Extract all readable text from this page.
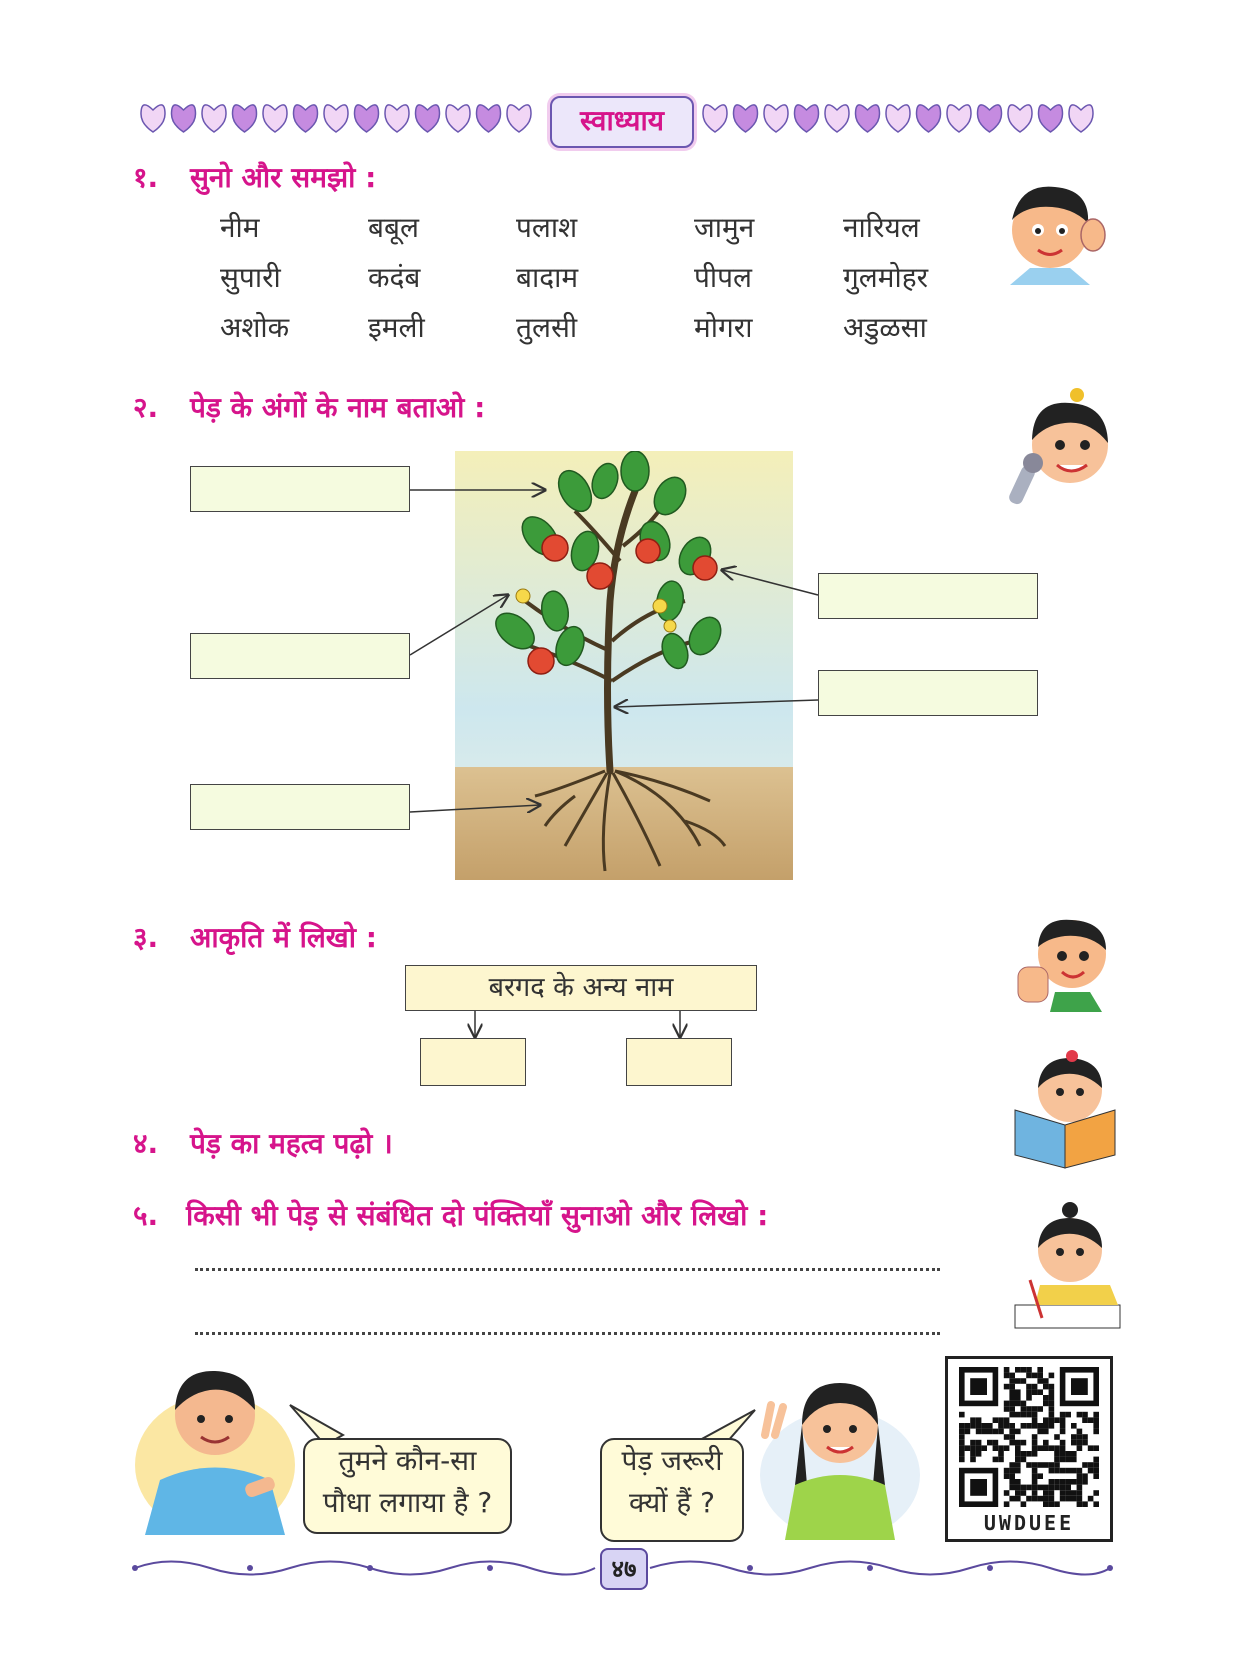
स्वाध्याय
१. सुनो और समझो :
नीम	बबूल	पलाश	जामुन	नारियल
सुपारी	कदंब	बादाम	पीपल	गुलमोहर
अशोक	इमली	तुलसी	मोगरा	अडुळसा
२. पेड़ के अंगों के नाम बताओ :
३. आकृति में लिखो :
बरगद के अन्य नाम
४. पेड़ का महत्व पढ़ो ।
५. किसी भी पेड़ से संबंधित दो पंक्तियाँ सुनाओ और लिखो :
तुमने कौन-सा
पौधा लगाया है ?
पेड़ जरूरी
क्यों हैं ?
UWDUEE
४७
